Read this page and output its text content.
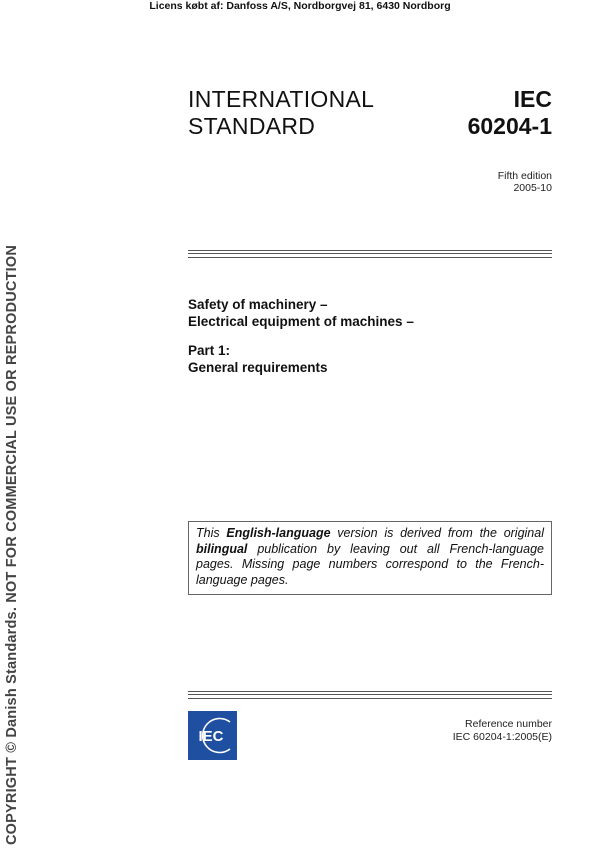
Licens købt af: Danfoss A/S, Nordborgvej 81, 6430 Nordborg
COPYRIGHT © Danish Standards. NOT FOR COMMERCIAL USE OR REPRODUCTION
INTERNATIONAL
STANDARD
IEC
60204-1
Fifth edition
2005-10
Safety of machinery –
Electrical equipment of machines –
Part 1:
General requirements
This English-language version is derived from the original bilingual publication by leaving out all French-language pages. Missing page numbers correspond to the French-language pages.
IEC
Reference number
IEC 60204-1:2005(E)
